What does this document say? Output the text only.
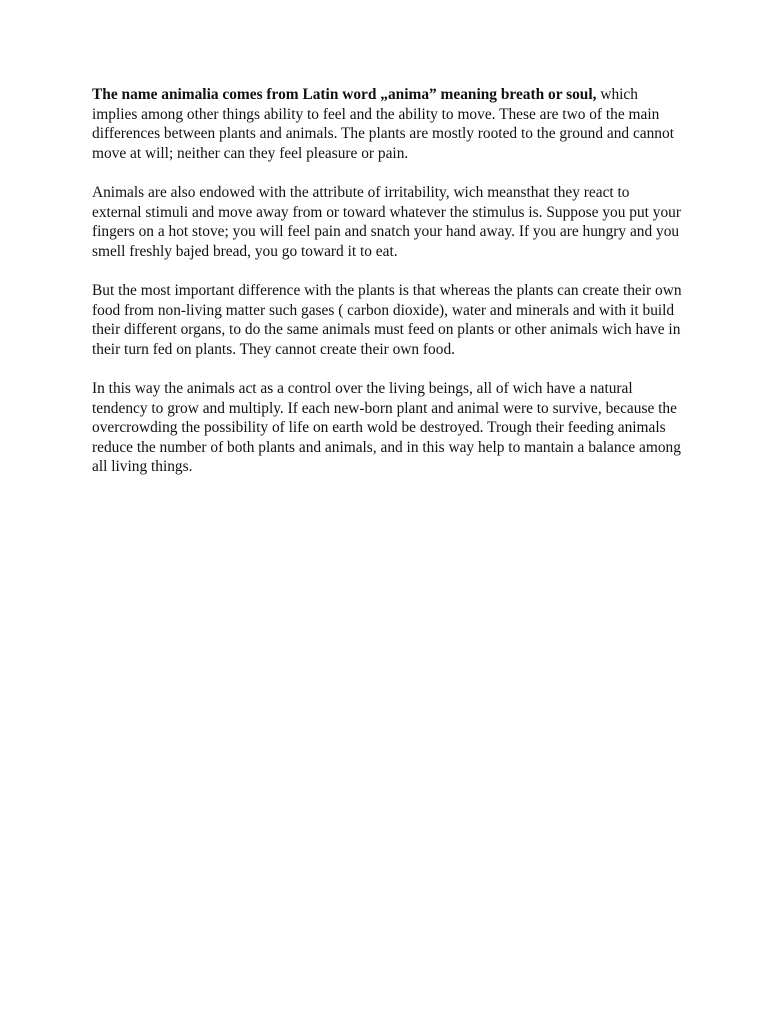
The name animalia comes from Latin word „anima” meaning breath or soul, which implies among other things ability to feel and the ability to move. These are two of the main differences between plants and animals. The plants are mostly rooted to the ground and cannot move at will; neither can they feel pleasure or pain.

Animals are also endowed with the attribute of irritability, wich meansthat they react to external stimuli and move away from or toward whatever the stimulus is. Suppose you put your fingers on a hot stove; you will feel pain and snatch your hand away. If you are hungry and you smell freshly bajed bread, you go toward it to eat.

But the most important difference with the plants is that whereas the plants can create their own food from non-living matter such gases ( carbon dioxide), water and minerals and with it build their different organs, to do the same animals must feed on plants or other animals wich have in their turn fed on plants. They cannot create their own food.

In this way the animals act as a control over the living beings, all of wich have a natural tendency to grow and multiply. If each new-born plant and animal were to survive, because the overcrowding the possibility of life on earth wold be destroyed. Trough their feeding animals reduce the number of both plants and animals, and in this way help to mantain a balance among all living things.
